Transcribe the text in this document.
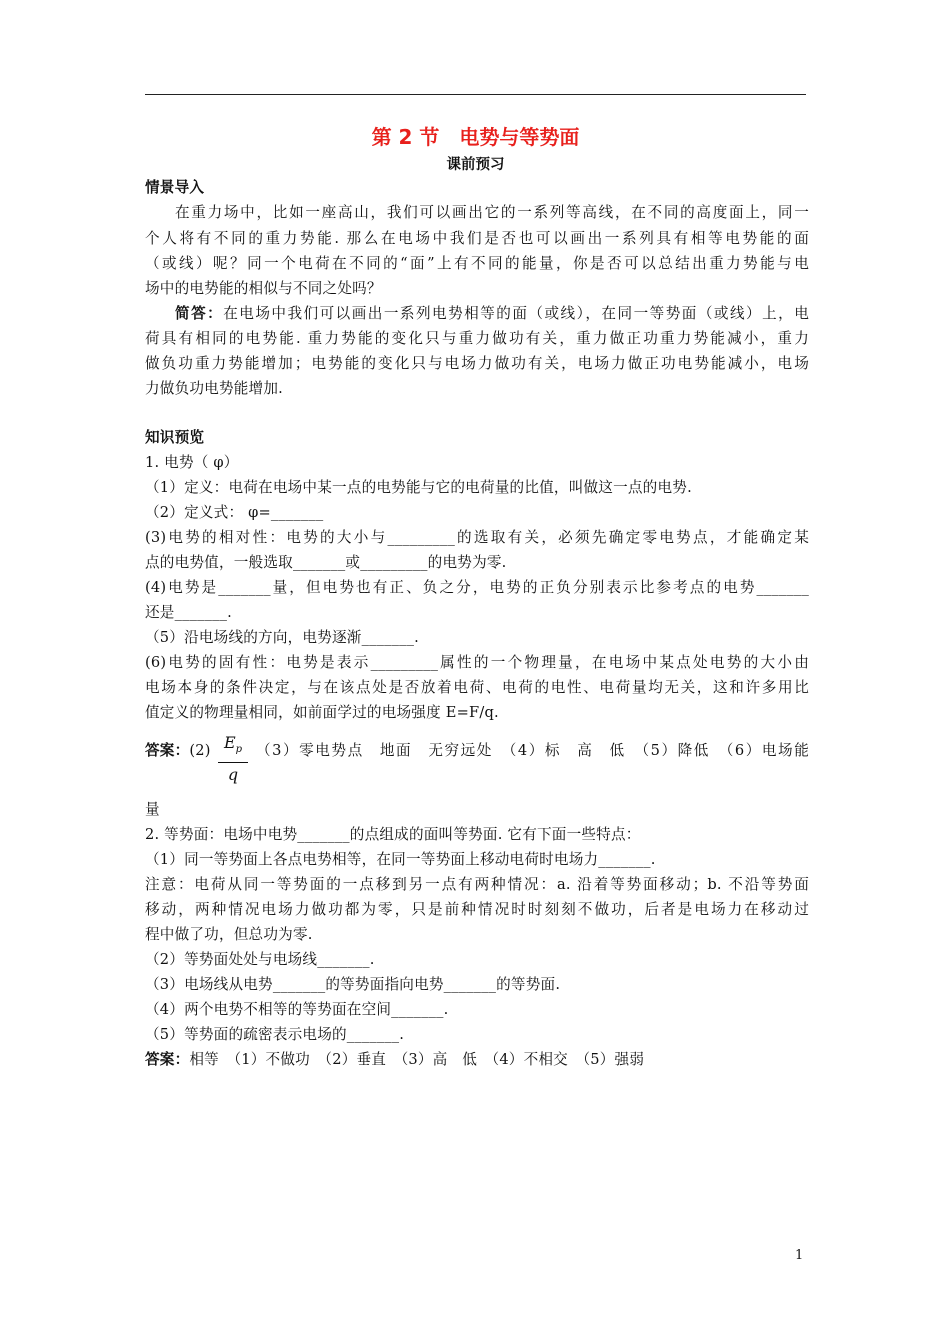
第 2 节　电势与等势面
课前预习
情景导入
在重力场中，比如一座高山，我们可以画出它的一系列等高线，在不同的高度面上，同一
个人将有不同的重力势能. 那么在电场中我们是否也可以画出一系列具有相等电势能的面
（或线）呢？同一个电荷在不同的“面”上有不同的能量，你是否可以总结出重力势能与电
场中的电势能的相似与不同之处吗？
简答：在电场中我们可以画出一系列电势相等的面（或线），在同一等势面（或线）上，电
荷具有相同的电势能. 重力势能的变化只与重力做功有关，重力做正功重力势能减小，重力
做负功重力势能增加；电势能的变化只与电场力做功有关，电场力做正功电势能减小，电场
力做负功电势能增加.
知识预览
1. 电势（ φ）
（1）定义：电荷在电场中某一点的电势能与它的电荷量的比值，叫做这一点的电势.
（2）定义式： φ=_______
(3)电势的相对性：电势的大小与_________的选取有关，必须先确定零电势点，才能确定某
点的电势值，一般选取_______或_________的电势为零.
(4)电势是_______量，但电势也有正、负之分，电势的正负分别表示比参考点的电势_______
还是_______.
（5）沿电场线的方向，电势逐渐_______.
(6)电势的固有性：电势是表示_________属性的一个物理量，在电场中某点处电势的大小由
电场本身的条件决定，与在该点处是否放着电荷、电荷的电性、电荷量均无关，这和许多用比
值定义的物理量相同，如前面学过的电场强度 E=F/q.
答案：(2) $E_p$
q
（3）零电势点　地面　无穷远处　（4）标　高　低　（5）降低　（6）电场能
量
2. 等势面：电场中电势_______的点组成的面叫等势面. 它有下面一些特点：
（1）同一等势面上各点电势相等，在同一等势面上移动电荷时电场力_______.
注意：电荷从同一等势面的一点移到另一点有两种情况：a. 沿着等势面移动；b. 不沿等势面
移动，两种情况电场力做功都为零，只是前种情况时时刻刻不做功，后者是电场力在移动过
程中做了功，但总功为零.
（2）等势面处处与电场线_______.
（3）电场线从电势_______的等势面指向电势_______的等势面.
（4）两个电势不相等的等势面在空间_______.
（5）等势面的疏密表示电场的_______.
答案：相等　（1）不做功　（2）垂直　（3）高　低　（4）不相交　（5）强弱
1
